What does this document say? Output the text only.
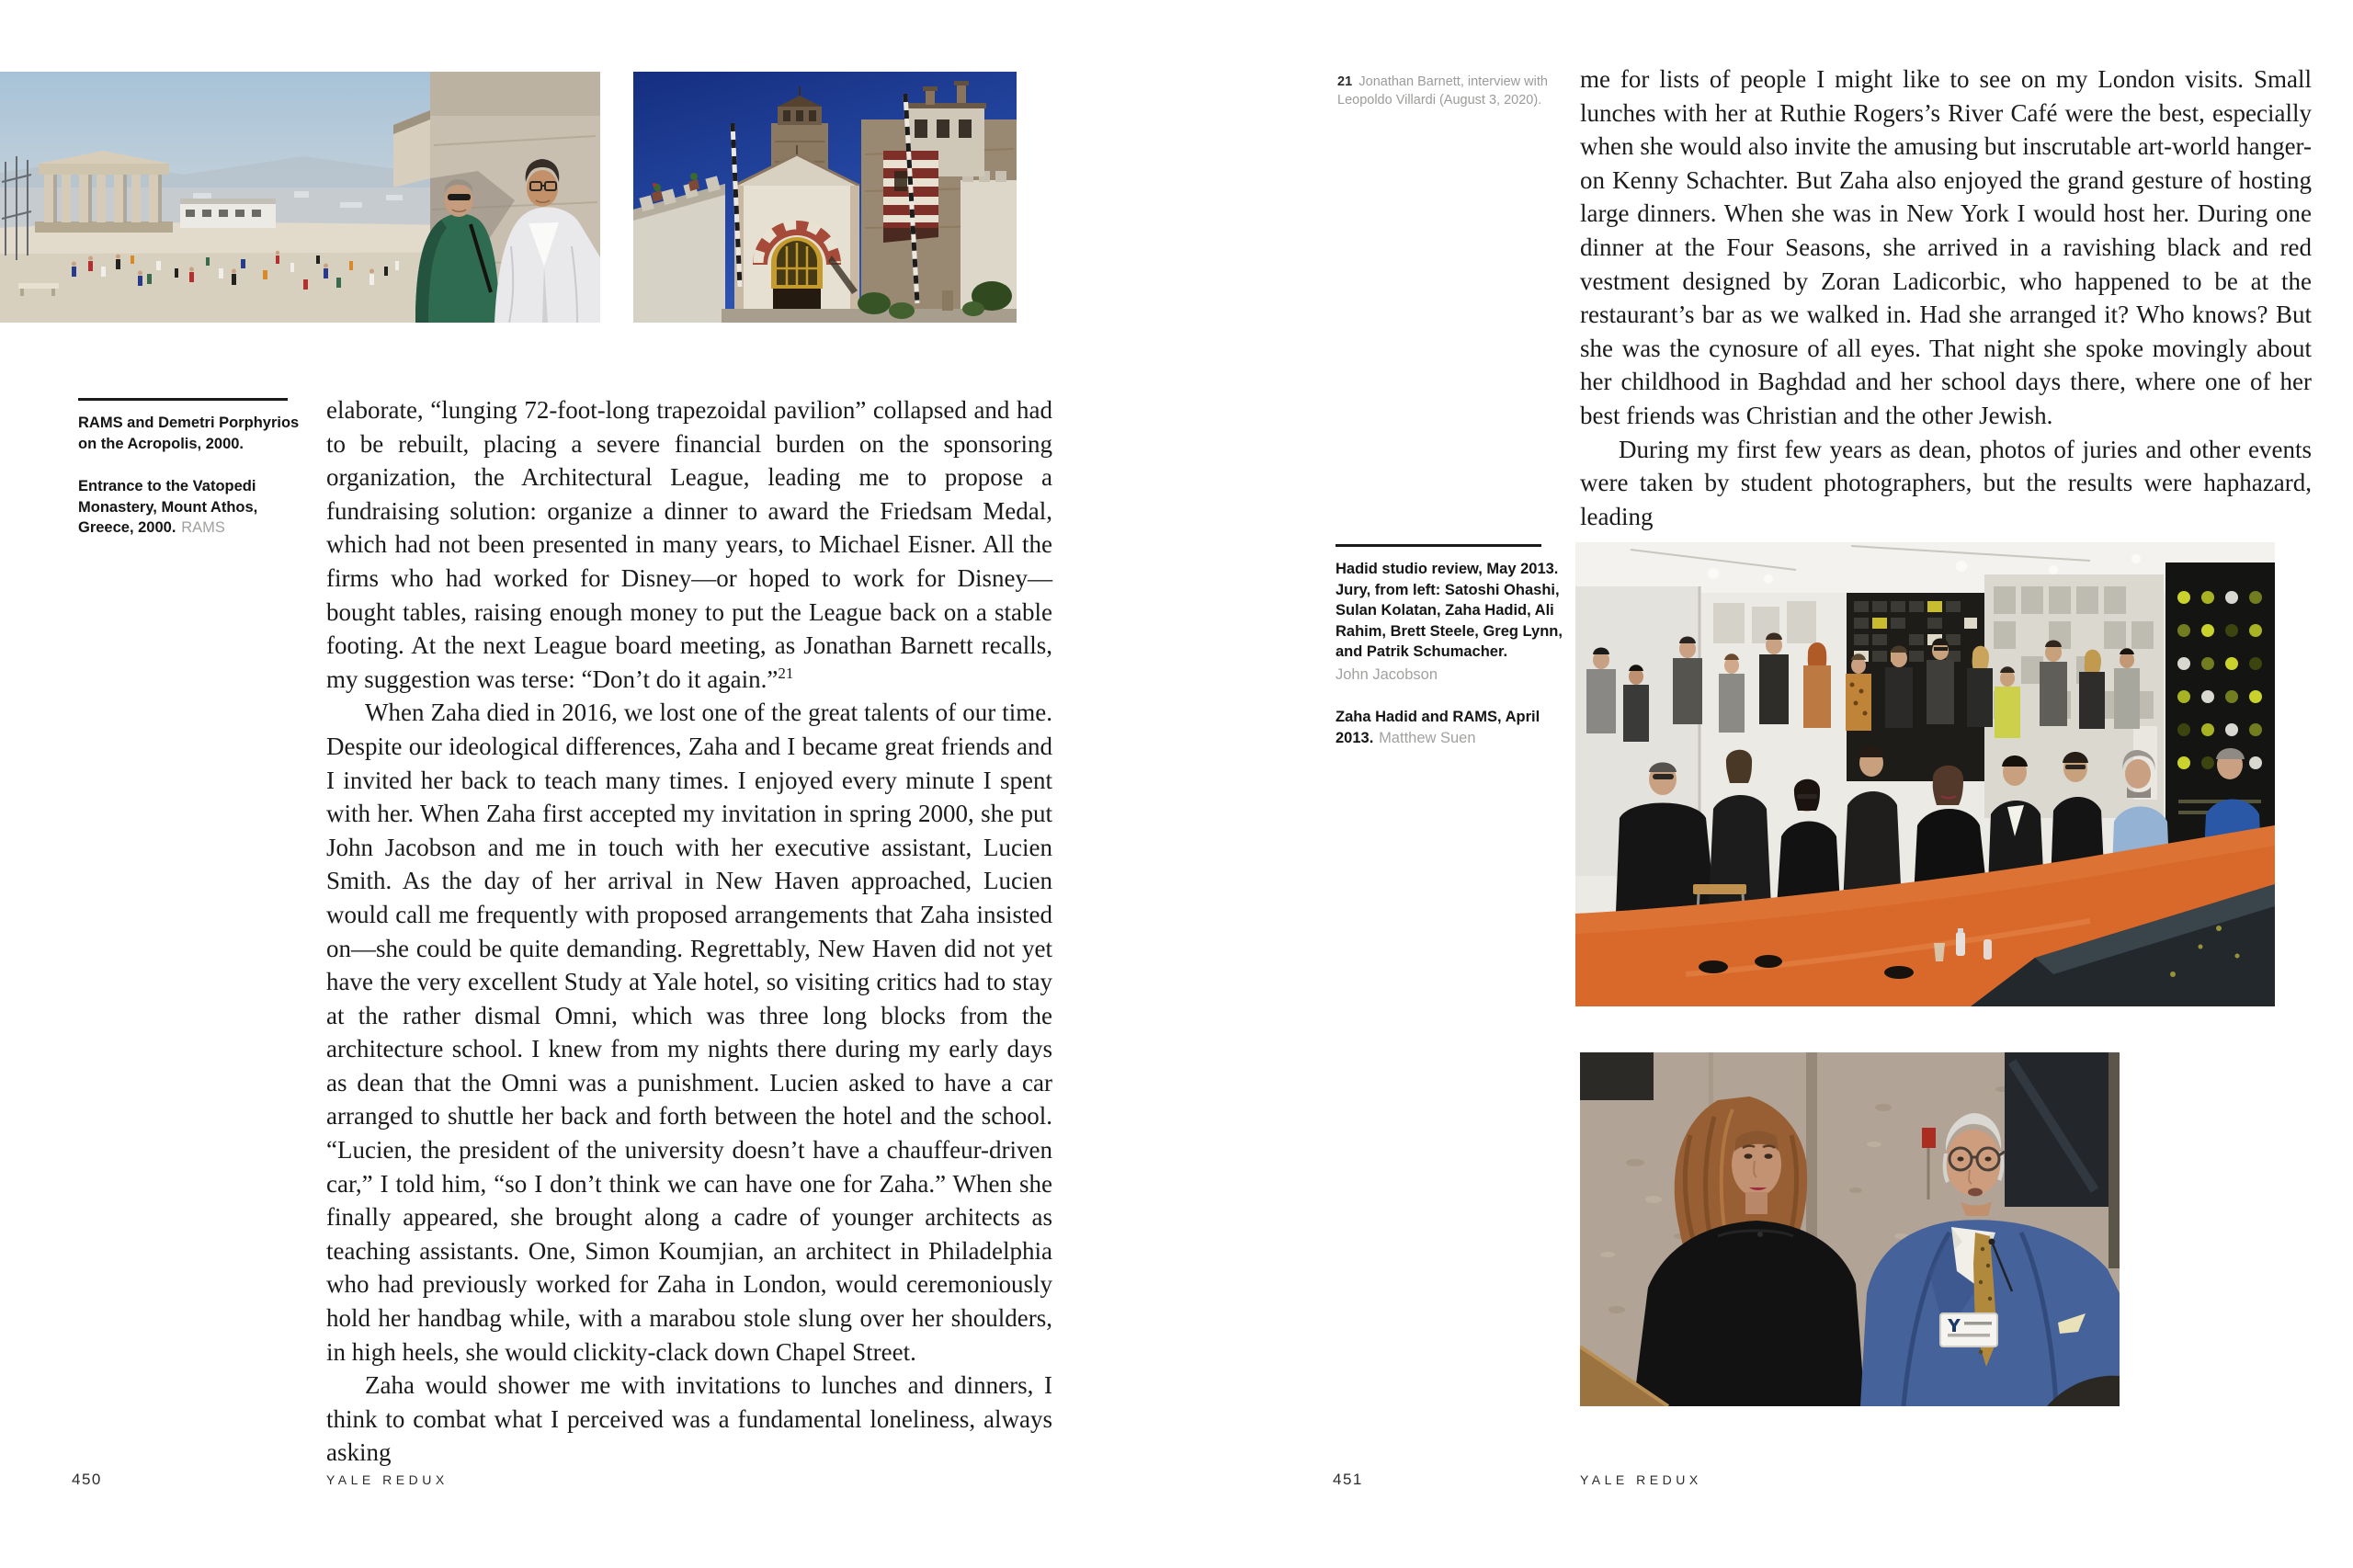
RAMS and Demetri Porphyrios on the Acropolis, 2000.

Entrance to the Vatopedi Monastery, Mount Athos, Greece, 2000. RAMS

elaborate, “lunging 72-foot-long trapezoidal pavilion” collapsed and had to be rebuilt, placing a severe financial burden on the sponsoring organization, the Architectural League, leading me to propose a fundraising solution: organize a dinner to award the Friedsam Medal, which had not been presented in many years, to Michael Eisner. All the firms who had worked for Disney—or hoped to work for Disney—bought tables, raising enough money to put the League back on a stable footing. At the next League board meeting, as Jonathan Barnett recalls, my suggestion was terse: “Don’t do it again.”$^{21}$

When Zaha died in 2016, we lost one of the great talents of our time. Despite our ideological differences, Zaha and I became great friends and I invited her back to teach many times. I enjoyed every minute I spent with her. When Zaha first accepted my invitation in spring 2000, she put John Jacobson and me in touch with her executive assistant, Lucien Smith. As the day of her arrival in New Haven approached, Lucien would call me frequently with proposed arrangements that Zaha insisted on—she could be quite demanding. Regrettably, New Haven did not yet have the very excellent Study at Yale hotel, so visiting critics had to stay at the rather dismal Omni, which was three long blocks from the architecture school. I knew from my nights there during my early days as dean that the Omni was a punishment. Lucien asked to have a car arranged to shuttle her back and forth between the hotel and the school. “Lucien, the president of the university doesn’t have a chauffeur-driven car,” I told him, “so I don’t think we can have one for Zaha.” When she finally appeared, she brought along a cadre of younger architects as teaching assistants. One, Simon Koumjian, an architect in Philadelphia who had previously worked for Zaha in London, would ceremoniously hold her handbag while, with a marabou stole slung over her shoulders, in high heels, she would clickity-clack down Chapel Street.

Zaha would shower me with invitations to lunches and dinners, I think to combat what I perceived was a fundamental loneliness, always asking

450	YALE REDUX
21 Jonathan Barnett, interview with Leopoldo Villardi (August 3, 2020).

me for lists of people I might like to see on my London visits. Small lunches with her at Ruthie Rogers’s River Café were the best, especially when she would also invite the amusing but inscrutable art-world hanger-on Kenny Schachter. But Zaha also enjoyed the grand gesture of hosting large dinners. When she was in New York I would host her. During one dinner at the Four Seasons, she arrived in a ravishing black and red vestment designed by Zoran Ladicorbic, who happened to be at the restaurant’s bar as we walked in. Had she arranged it? Who knows? But she was the cynosure of all eyes. That night she spoke movingly about her childhood in Baghdad and her school days there, where one of her best friends was Christian and the other Jewish.

During my first few years as dean, photos of juries and other events were taken by student photographers, but the results were haphazard, leading

Hadid studio review, May 2013. Jury, from left: Satoshi Ohashi, Sulan Kolatan, Zaha Hadid, Ali Rahim, Brett Steele, Greg Lynn, and Patrik Schumacher.
John Jacobson

Zaha Hadid and RAMS, April 2013. Matthew Suen

451	YALE REDUX
